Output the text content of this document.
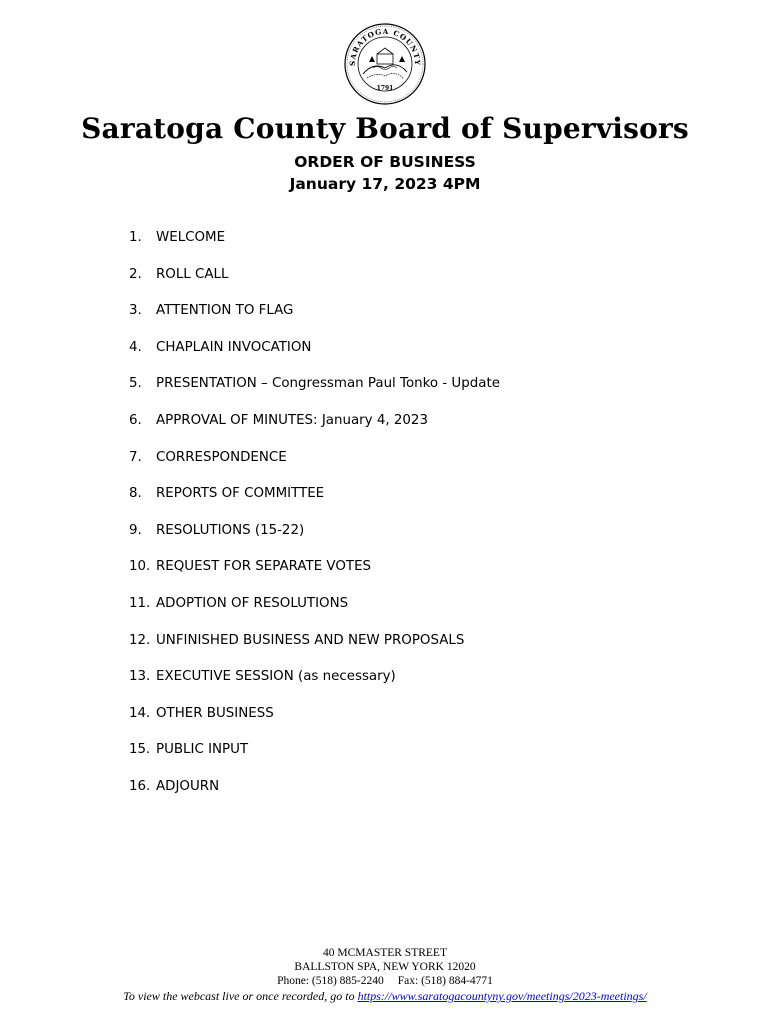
SARATOGA COUNTY
1791
Saratoga County Board of Supervisors
ORDER OF BUSINESS
January 17, 2023 4PM
1.	WELCOME
2.	ROLL CALL
3.	ATTENTION TO FLAG
4.	CHAPLAIN INVOCATION
5.	PRESENTATION – Congressman Paul Tonko - Update
6.	APPROVAL OF MINUTES: January 4, 2023
7.	CORRESPONDENCE
8.	REPORTS OF COMMITTEE
9.	RESOLUTIONS (15-22)
10. REQUEST FOR SEPARATE VOTES
11. ADOPTION OF RESOLUTIONS
12. UNFINISHED BUSINESS AND NEW PROPOSALS
13. EXECUTIVE SESSION (as necessary)
14. OTHER BUSINESS
15. PUBLIC INPUT
16. ADJOURN
40 MCMASTER STREET
BALLSTON SPA, NEW YORK 12020
Phone: (518) 885-2240 Fax: (518) 884-4771
To view the webcast live or once recorded, go to https://www.saratogacountyny.gov/meetings/2023-meetings/
